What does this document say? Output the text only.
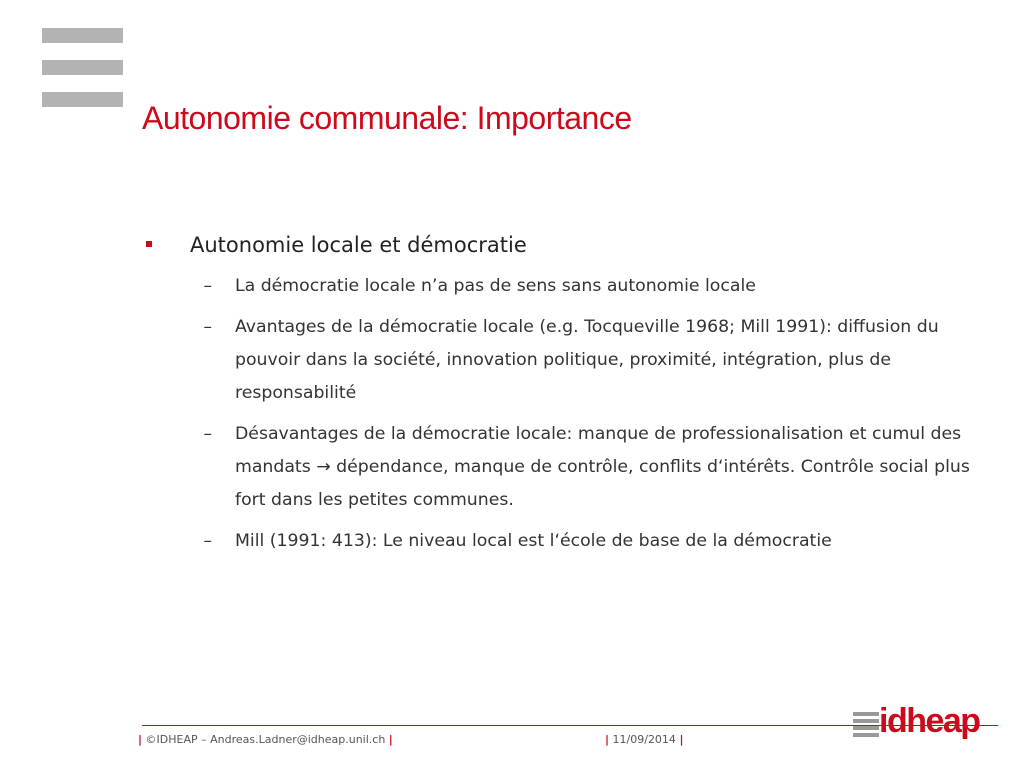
Autonomie communale: Importance
Autonomie locale et démocratie
–	La démocratie locale n’a pas de sens sans autonomie locale
–	Avantages de la démocratie locale (e.g. Tocqueville 1968; Mill 1991): diffusion du pouvoir dans la société, innovation politique, proximité, intégration, plus de responsabilité
–	Désavantages de la démocratie locale: manque de professionalisation et cumul des mandats → dépendance, manque de contrôle, conflits d‘intérêts. Contrôle social plus fort dans les petites communes.
–	Mill (1991: 413): Le niveau local est l‘école de base de la démocratie
idheap
| ©IDHEAP – Andreas.Ladner@idheap.unil.ch |	| 11/09/2014 |
